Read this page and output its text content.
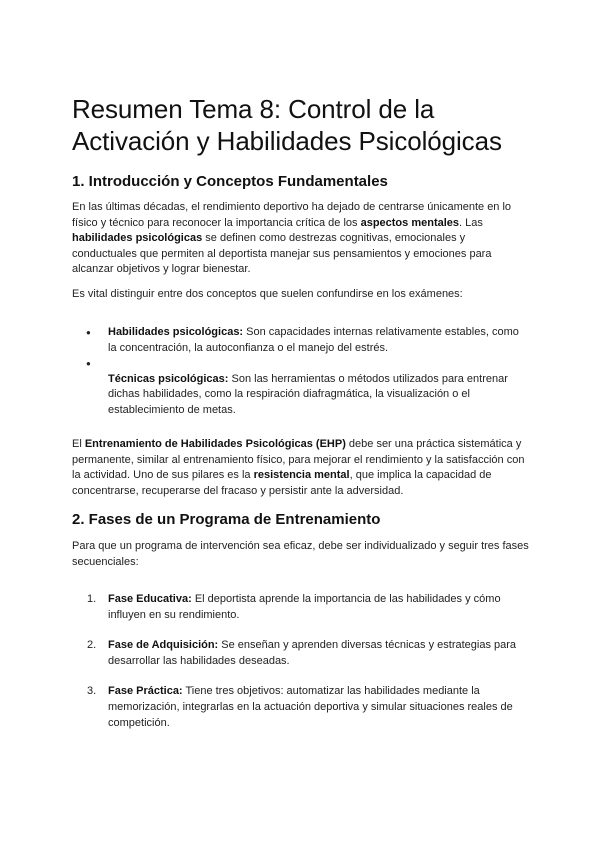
Resumen Tema 8: Control de la Activación y Habilidades Psicológicas
1. Introducción y Conceptos Fundamentales

En las últimas décadas, el rendimiento deportivo ha dejado de centrarse únicamente en lo físico y técnico para reconocer la importancia crítica de los aspectos mentales. Las habilidades psicológicas se definen como destrezas cognitivas, emocionales y conductuales que permiten al deportista manejar sus pensamientos y emociones para alcanzar objetivos y lograr bienestar.

Es vital distinguir entre dos conceptos que suelen confundirse en los exámenes:

● Habilidades psicológicas: Son capacidades internas relativamente estables, como la concentración, la autoconfianza o el manejo del estrés.
●
Técnicas psicológicas: Son las herramientas o métodos utilizados para entrenar dichas habilidades, como la respiración diafragmática, la visualización o el establecimiento de metas.

El Entrenamiento de Habilidades Psicológicas (EHP) debe ser una práctica sistemática y permanente, similar al entrenamiento físico, para mejorar el rendimiento y la satisfacción con la actividad. Uno de sus pilares es la resistencia mental, que implica la capacidad de concentrarse, recuperarse del fracaso y persistir ante la adversidad.

2. Fases de un Programa de Entrenamiento

Para que un programa de intervención sea eficaz, debe ser individualizado y seguir tres fases secuenciales:

1. Fase Educativa: El deportista aprende la importancia de las habilidades y cómo influyen en su rendimiento.
2. Fase de Adquisición: Se enseñan y aprenden diversas técnicas y estrategias para desarrollar las habilidades deseadas.
3. Fase Práctica: Tiene tres objetivos: automatizar las habilidades mediante la memorización, integrarlas en la actuación deportiva y simular situaciones reales de competición.
